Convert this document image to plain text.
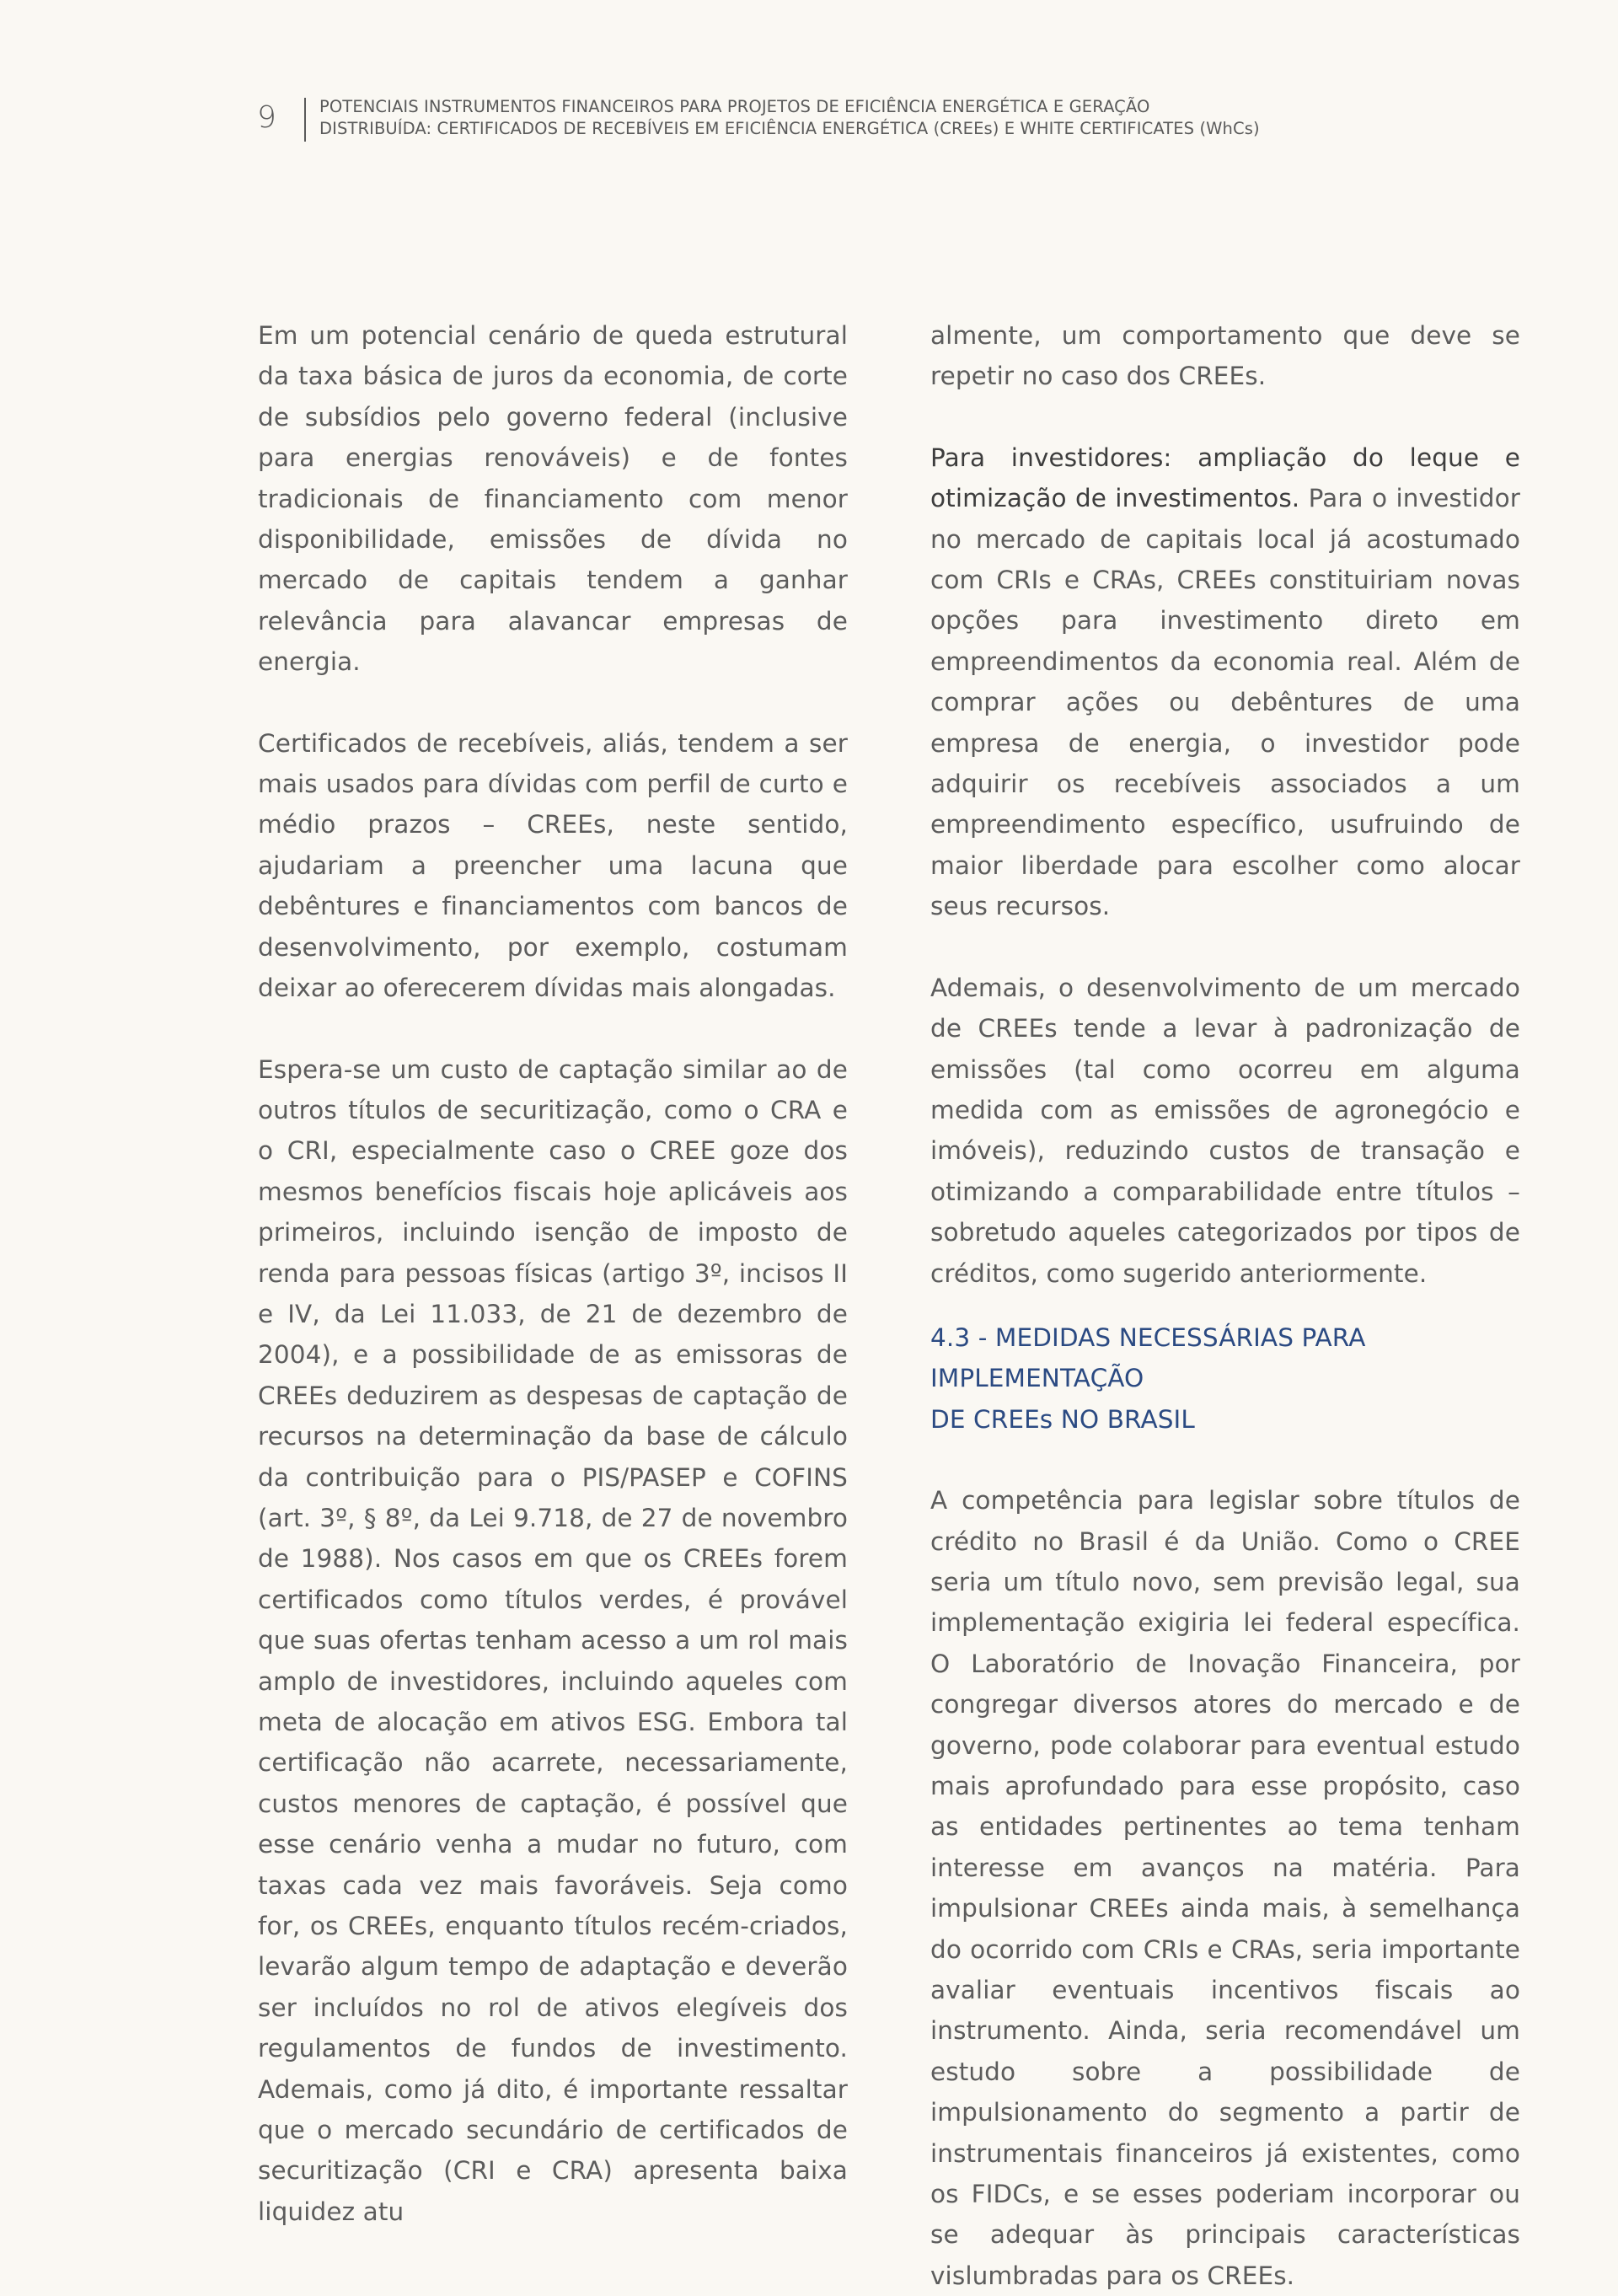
9	POTENCIAIS INSTRUMENTOS FINANCEIROS PARA PROJETOS DE EFICIÊNCIA ENERGÉTICA E GERAÇÃO
DISTRIBUÍDA: CERTIFICADOS DE RECEBÍVEIS EM EFICIÊNCIA ENERGÉTICA (CREEs) E WHITE CERTIFICATES (WhCs)

Em um potencial cenário de queda estrutural da taxa básica de juros da economia, de corte de subsídios pelo governo federal (inclusive para energias renováveis) e de fontes tradicionais de financiamento com menor disponibilidade, emissões de dívida no mercado de capitais tendem a ganhar relevância para alavancar empresas de energia.

Certificados de recebíveis, aliás, tendem a ser mais usados para dívidas com perfil de curto e médio prazos – CREEs, neste sentido, ajudariam a preencher uma lacuna que debêntures e financiamentos com bancos de desenvolvimento, por exemplo, costumam deixar ao oferecerem dívidas mais alongadas.

Espera-se um custo de captação similar ao de outros títulos de securitização, como o CRA e o CRI, especialmente caso o CREE goze dos mesmos benefícios fiscais hoje aplicáveis aos primeiros, incluindo isenção de imposto de renda para pessoas físicas (artigo 3º, incisos II e IV, da Lei 11.033, de 21 de dezembro de 2004), e a possibilidade de as emissoras de CREEs deduzirem as despesas de captação de recursos na determinação da base de cálculo da contribuição para o PIS/PASEP e COFINS (art. 3º, § 8º, da Lei 9.718, de 27 de novembro de 1988). Nos casos em que os CREEs forem certificados como títulos verdes, é provável que suas ofertas tenham acesso a um rol mais amplo de investidores, incluindo aqueles com meta de alocação em ativos ESG. Embora tal certificação não acarrete, necessariamente, custos menores de captação, é possível que esse cenário venha a mudar no futuro, com taxas cada vez mais favoráveis. Seja como for, os CREEs, enquanto títulos recém-criados, levarão algum tempo de adaptação e deverão ser incluídos no rol de ativos elegíveis dos regulamentos de fundos de investimento. Ademais, como já dito, é importante ressaltar que o mercado secundário de certificados de securitização (CRI e CRA) apresenta baixa liquidez atu

almente, um comportamento que deve se repetir no caso dos CREEs.

Para investidores: ampliação do leque e otimização de investimentos. Para o investidor no mercado de capitais local já acostumado com CRIs e CRAs, CREEs constituiriam novas opções para investimento direto em empreendimentos da economia real. Além de comprar ações ou debêntures de uma empresa de energia, o investidor pode adquirir os recebíveis associados a um empreendimento específico, usufruindo de maior liberdade para escolher como alocar seus recursos.

Ademais, o desenvolvimento de um mercado de CREEs tende a levar à padronização de emissões (tal como ocorreu em alguma medida com as emissões de agronegócio e imóveis), reduzindo custos de transação e otimizando a comparabilidade entre títulos – sobretudo aqueles categorizados por tipos de créditos, como sugerido anteriormente.

4.3 - MEDIDAS NECESSÁRIAS PARA IMPLEMENTAÇÃO
DE CREEs NO BRASIL

A competência para legislar sobre títulos de crédito no Brasil é da União. Como o CREE seria um título novo, sem previsão legal, sua implementação exigiria lei federal específica. O Laboratório de Inovação Financeira, por congregar diversos atores do mercado e de governo, pode colaborar para eventual estudo mais aprofundado para esse propósito, caso as entidades pertinentes ao tema tenham interesse em avanços na matéria. Para impulsionar CREEs ainda mais, à semelhança do ocorrido com CRIs e CRAs, seria importante avaliar eventuais incentivos fiscais ao instrumento. Ainda, seria recomendável um estudo sobre a possibilidade de impulsionamento do segmento a partir de instrumentais financeiros já existentes, como os FIDCs, e se esses poderiam incorporar ou se adequar às principais características vislumbradas para os CREEs.
